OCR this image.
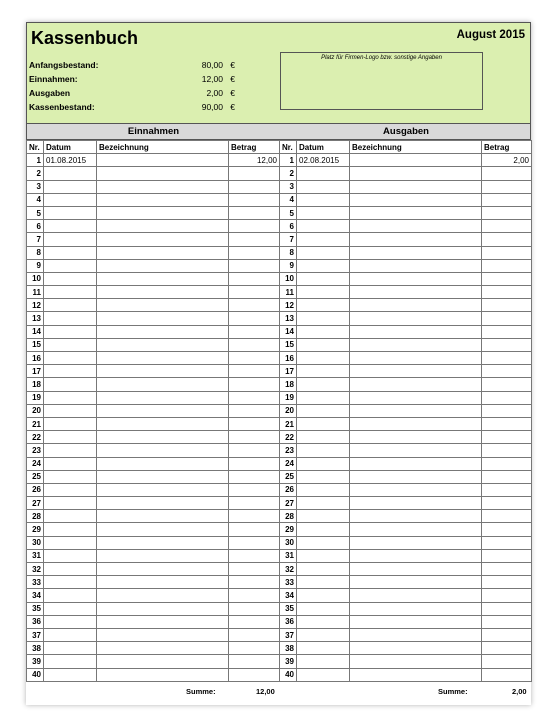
Kassenbuch	August 2015
Anfangsbestand:	80,00 €
Einnahmen:	12,00 €
Ausgaben	2,00 €
Kassenbestand:	90,00 €
Platz für Firmen-Logo bzw. sonstige Angaben
Einnahmen	Ausgaben
Nr.	Datum	Bezeichnung	Betrag
1	01.08.2015		12,00
2			
3			
4			
5			
6			
7			
8			
9			
10			
11			
12			
13			
14			
15			
16			
17			
18			
19			
20			
21			
22			
23			
24			
25			
26			
27			
28			
29			
30			
31			
32			
33			
34			
35			
36			
37			
38			
39			
40			
Nr.	Datum	Bezeichnung	Betrag
1	02.08.2015		2,00
2			
3			
4			
5			
6			
7			
8			
9			
10			
11			
12			
13			
14			
15			
16			
17			
18			
19			
20			
21			
22			
23			
24			
25			
26			
27			
28			
29			
30			
31			
32			
33			
34			
35			
36			
37			
38			
39			
40			
Summe:	12,00	Summe:	2,00
